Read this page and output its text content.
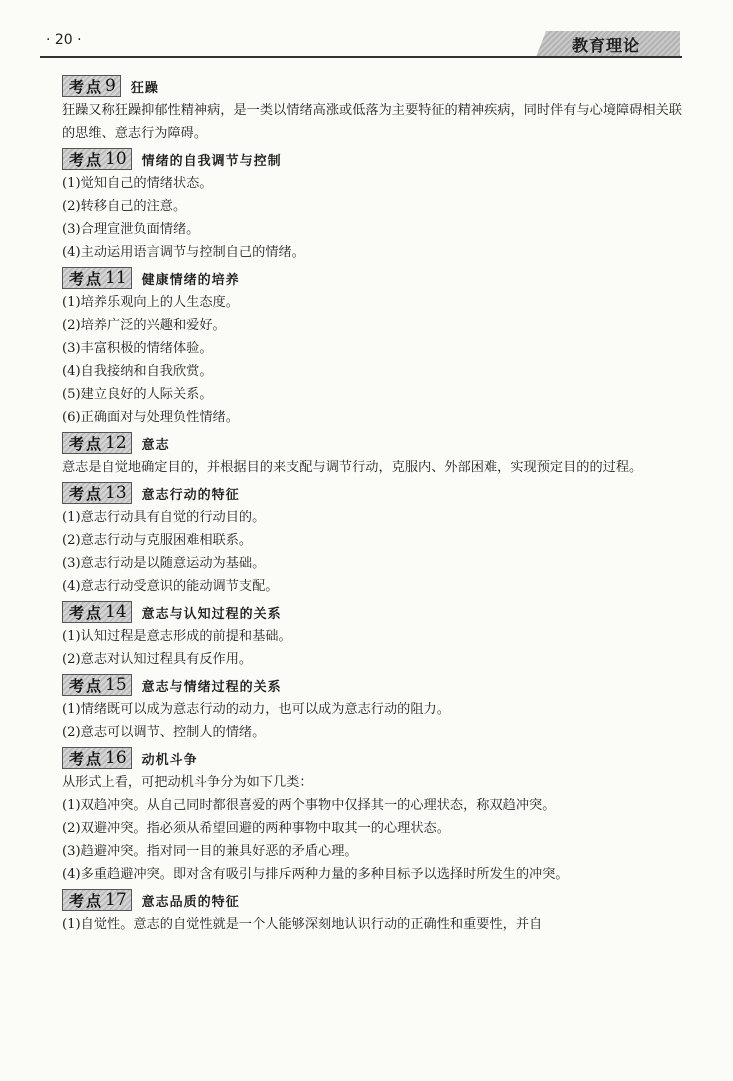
· 20 ·	教育理论
考点 9 狂躁

狂躁又称狂躁抑郁性精神病，是一类以情绪高涨或低落为主要特征的精神疾病，同时伴有与心境障碍相关联的思维、意志行为障碍。

考点 10 情绪的自我调节与控制

(1)觉知自己的情绪状态。

(2)转移自己的注意。

(3)合理宣泄负面情绪。

(4)主动运用语言调节与控制自己的情绪。

考点 11 健康情绪的培养

(1)培养乐观向上的人生态度。

(2)培养广泛的兴趣和爱好。

(3)丰富积极的情绪体验。

(4)自我接纳和自我欣赏。

(5)建立良好的人际关系。

(6)正确面对与处理负性情绪。

考点 12 意志

意志是自觉地确定目的，并根据目的来支配与调节行动，克服内、外部困难，实现预定目的的过程。

考点 13 意志行动的特征

(1)意志行动具有自觉的行动目的。

(2)意志行动与克服困难相联系。

(3)意志行动是以随意运动为基础。

(4)意志行动受意识的能动调节支配。

考点 14 意志与认知过程的关系

(1)认知过程是意志形成的前提和基础。

(2)意志对认知过程具有反作用。

考点 15 意志与情绪过程的关系

(1)情绪既可以成为意志行动的动力，也可以成为意志行动的阻力。

(2)意志可以调节、控制人的情绪。

考点 16 动机斗争

从形式上看，可把动机斗争分为如下几类：

(1)双趋冲突。从自己同时都很喜爱的两个事物中仅择其一的心理状态，称双趋冲突。

(2)双避冲突。指必须从希望回避的两种事物中取其一的心理状态。

(3)趋避冲突。指对同一目的兼具好恶的矛盾心理。

(4)多重趋避冲突。即对含有吸引与排斥两种力量的多种目标予以选择时所发生的冲突。

考点 17 意志品质的特征

(1)自觉性。意志的自觉性就是一个人能够深刻地认识行动的正确性和重要性，并自
